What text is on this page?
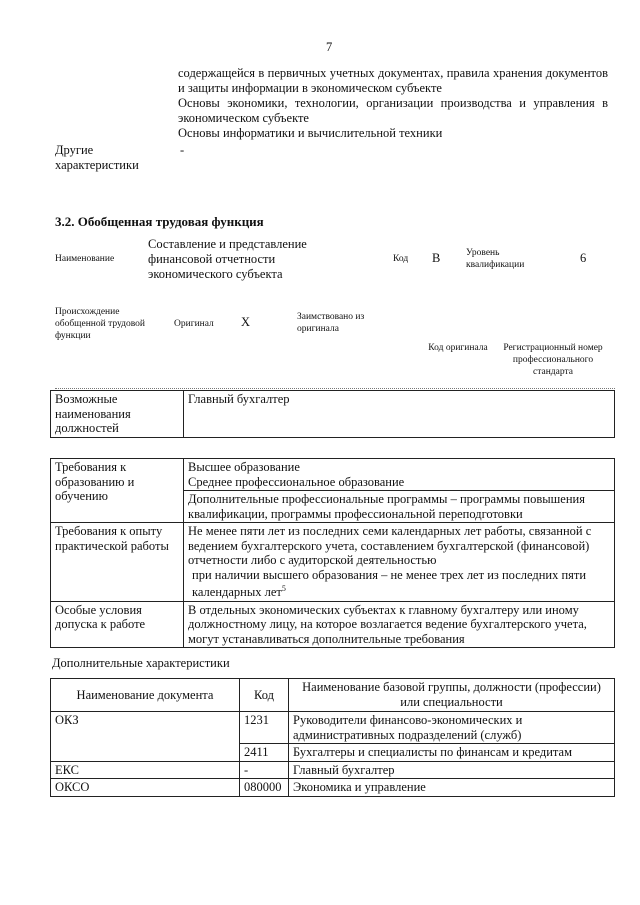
7
содержащейся в первичных учетных документах, правила хранения документов и защиты информации в экономическом субъекте
Основы экономики, технологии, организации производства и управления в экономическом субъекте
Основы информатики и вычислительной техники
Другие характеристики
-
3.2. Обобщенная трудовая функция
Наименование
Составление и представление финансовой отчетности экономического субъекта
Код B	Уровень квалификации	6
Происхождение обобщенной трудовой функции
Оригинал X	Заимствовано из оригинала
Код оригинала	Регистрационный номер профессионального стандарта
Возможные наименования должностей	Главный бухгалтер
Требования к образованию и обучению	Высшее образование
Среднее профессиональное образование

	Дополнительные профессиональные программы – программы повышения квалификации, программы профессиональной переподготовки
Требования к опыту практической работы	Не менее пяти лет из последних семи календарных лет работы, связанной с ведением бухгалтерского учета, составлением бухгалтерской (финансовой) отчетности либо с аудиторской деятельностью
при наличии высшего образования – не менее трех лет из последних пяти календарных лет$^5$

Особые условия допуска к работе	В отдельных экономических субъектах к главному бухгалтеру или иному должностному лицу, на которое возлагается ведение бухгалтерского учета, могут устанавливаться дополнительные требования
Дополнительные характеристики
Наименование документа	Код	Наименование базовой группы, должности (профессии) или специальности
ОКЗ	1231	Руководители финансово-экономических и административных подразделений (служб)
	2411	Бухгалтеры и специалисты по финансам и кредитам
ЕКС	-	Главный бухгалтер
ОКСО	080000	Экономика и управление
